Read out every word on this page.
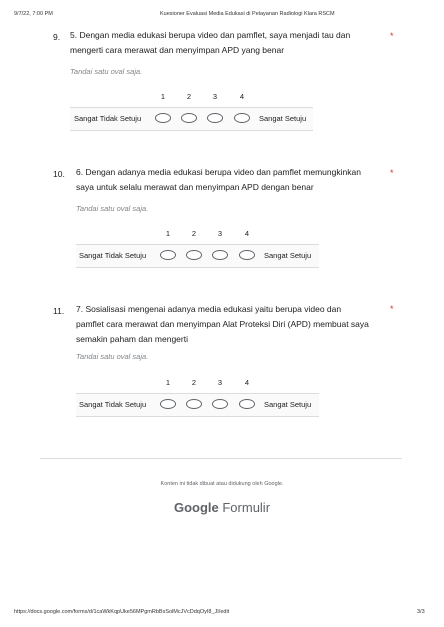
9/7/22, 7:00 PM	Kuesioner Evaluasi Media Edukasi di Pelayanan Radiologi Klara RSCM
9. 5. Dengan media edukasi berupa video dan pamflet, saya menjadi tau dan
mengerti cara merawat dan menyimpan APD yang benar
*
Tandai satu oval saja.
1	2	3	4
Sangat Tidak Setuju	Sangat Setuju
10. 6. Dengan adanya media edukasi berupa video dan pamflet memungkinkan
saya untuk selalu merawat dan menyimpan APD dengan benar
*
Tandai satu oval saja.
1	2	3	4
Sangat Tidak Setuju	Sangat Setuju
11. 7. Sosialisasi mengenai adanya media edukasi yaitu berupa video dan
pamflet cara merawat dan menyimpan Alat Proteksi Diri (APD) membuat saya
semakin paham dan mengerti
*
Tandai satu oval saja.
1	2	3	4
Sangat Tidak Setuju	Sangat Setuju
Konten ini tidak dibuat atau didukung oleh Google.
Google Formulir
https://docs.google.com/forms/d/1caWkKqpUke56MPgmRbBsSolMcJVcDdqOyI8_JI/edit	3/3
